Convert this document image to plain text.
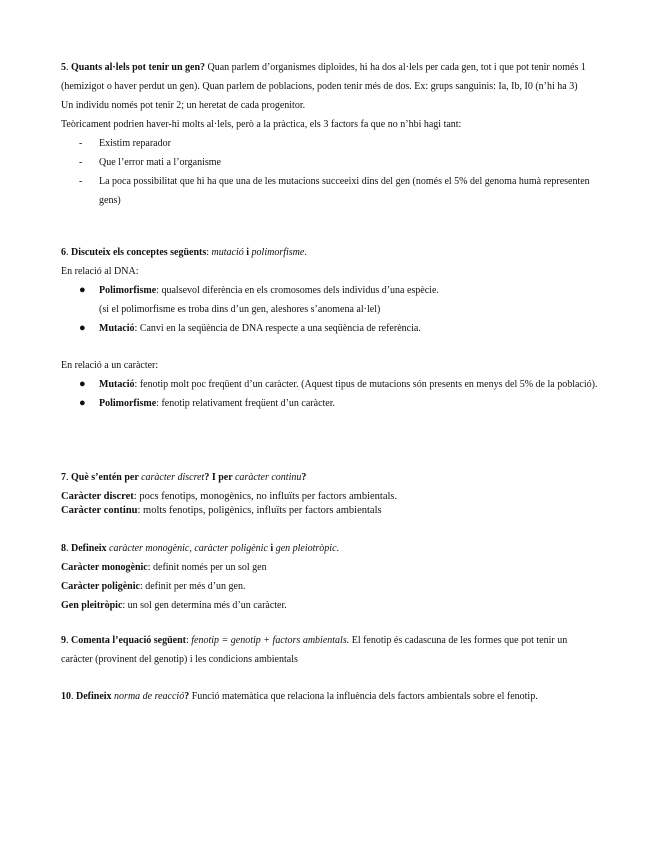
5. Quants al·lels pot tenir un gen? Quan parlem d’organismes diploides, hi ha dos al·lels per cada gen, tot i que pot tenir només 1 (hemizigot o haver perdut un gen). Quan parlem de poblacions, poden tenir més de dos. Ex: grups sanguinis: Ia, Ib, I0 (n’hi ha 3)

Un individu només pot tenir 2; un heretat de cada progenitor.

Teòricament podrien haver-hi molts al·lels, però a la pràctica, els 3 factors fa que no n’hbi hagi tant:

- Existim reparador
- Que l’error mati a l’organisme
- La poca possibilitat que hi ha que una de les mutacions succeeixi dins del gen (només el 5% del genoma humà representen gens)

6. Discuteix els conceptes següents: mutació i polimorfisme.

En relació al DNA:

● Polimorfisme: qualsevol diferència en els cromosomes dels individus d’una espècie.
(si el polimorfisme es troba dins d’un gen, aleshores s’anomena al·lel)
● Mutació: Canvi en la seqüència de DNA respecte a una seqüència de referència.

En relació a un caràcter:

● Mutació: fenotip molt poc freqüent d’un caràcter. (Aquest tipus de mutacions són presents en menys del 5% de la població).
● Polimorfisme: fenotip relativament freqüent d’un caràcter.

7. Què s’entén per caràcter discret? I per caràcter continu?

Caràcter discret: pocs fenotips, monogènics, no influïts per factors ambientals.

Caràcter continu: molts fenotips, poligènics, influïts per factors ambientals

8. Defineix caràcter monogènic, caràcter poligènic i gen pleiotròpic.

Caràcter monogènic: definit només per un sol gen

Caràcter poligènic: definit per més d’un gen.

Gen pleitròpic: un sol gen determina més d’un caràcter.

9. Comenta l’equació següent: fenotip = genotip + factors ambientals. El fenotip és cadascuna de les formes que pot tenir un caràcter (provinent del genotip) i les condicions ambientals

10. Defineix norma de reacció? Funció matemàtica que relaciona la influència dels factors ambientals sobre el fenotip.
